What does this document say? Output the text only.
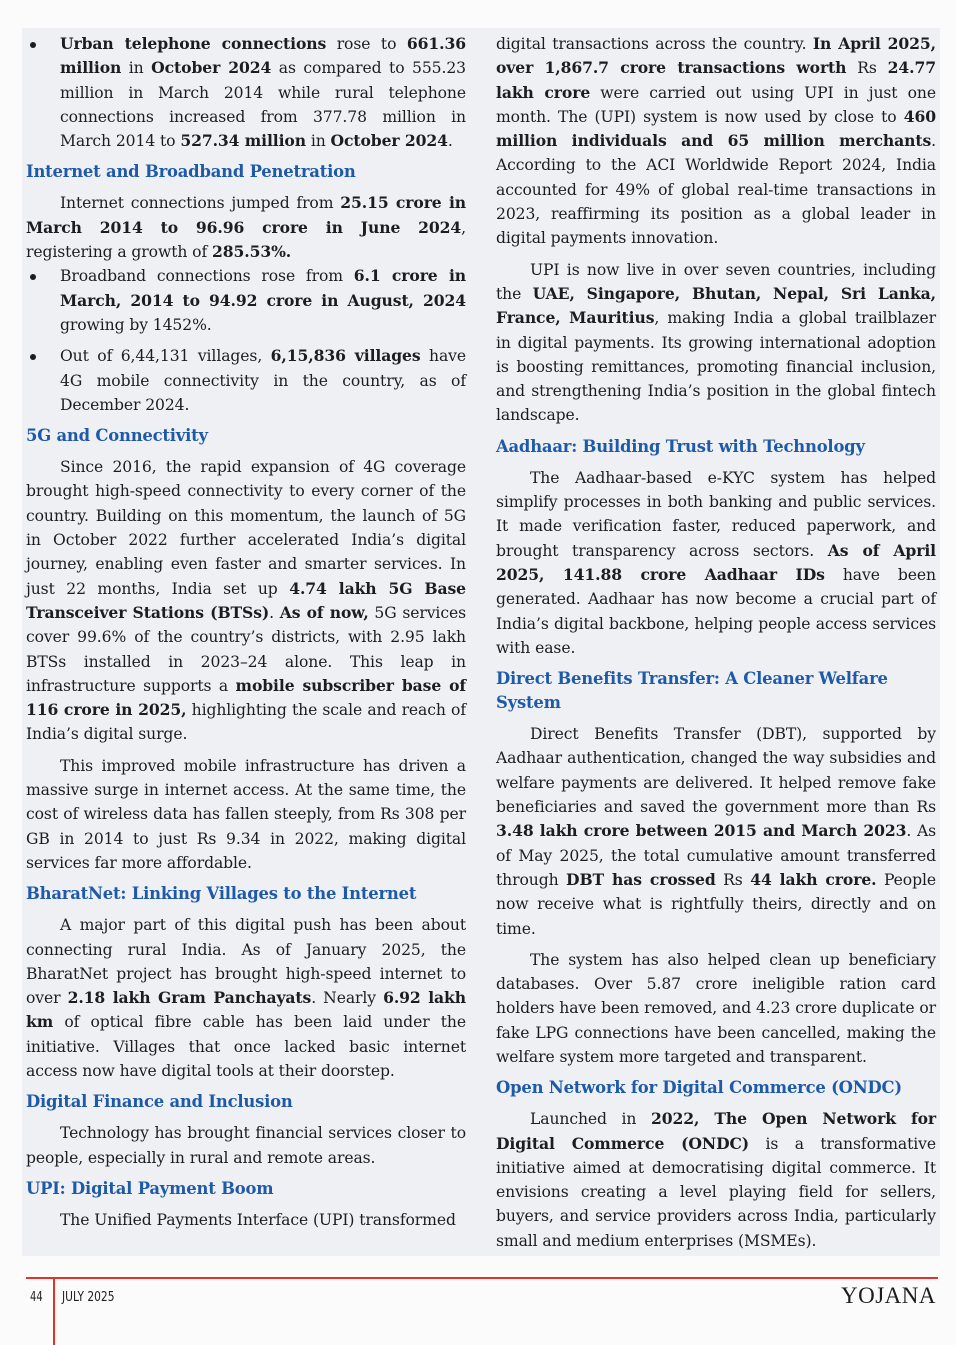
Urban telephone connections rose to 661.36 million in October 2024 as compared to 555.23 million in March 2014 while rural telephone connections increased from 377.78 million in March 2014 to 527.34 million in October 2024.
Internet and Broadband Penetration

Internet connections jumped from 25.15 crore in March 2014 to 96.96 crore in June 2024, registering a growth of 285.53%.

Broadband connections rose from 6.1 crore in March, 2014 to 94.92 crore in August, 2024 growing by 1452%.
Out of 6,44,131 villages, 6,15,836 villages have 4G mobile connectivity in the country, as of December 2024.
5G and Connectivity

Since 2016, the rapid expansion of 4G coverage brought high-speed connectivity to every corner of the country. Building on this momentum, the launch of 5G in October 2022 further accelerated India’s digital journey, enabling even faster and smarter services. In just 22 months, India set up 4.74 lakh 5G Base Transceiver Stations (BTSs). As of now, 5G services cover 99.6% of the country’s districts, with 2.95 lakh BTSs installed in 2023–24 alone. This leap in infrastructure supports a mobile subscriber base of 116 crore in 2025, highlighting the scale and reach of India’s digital surge.

This improved mobile infrastructure has driven a massive surge in internet access. At the same time, the cost of wireless data has fallen steeply, from Rs 308 per GB in 2014 to just Rs 9.34 in 2022, making digital services far more affordable.

BharatNet: Linking Villages to the Internet

A major part of this digital push has been about connecting rural India. As of January 2025, the BharatNet project has brought high-speed internet to over 2.18 lakh Gram Panchayats. Nearly 6.92 lakh km of optical fibre cable has been laid under the initiative. Villages that once lacked basic internet access now have digital tools at their doorstep.

Digital Finance and Inclusion

Technology has brought financial services closer to people, especially in rural and remote areas.

UPI: Digital Payment Boom

The Unified Payments Interface (UPI) transformed

digital transactions across the country. In April 2025, over 1,867.7 crore transactions worth Rs 24.77 lakh crore were carried out using UPI in just one month. The (UPI) system is now used by close to 460 million individuals and 65 million merchants. According to the ACI Worldwide Report 2024, India accounted for 49% of global real-time transactions in 2023, reaffirming its position as a global leader in digital payments innovation.

UPI is now live in over seven countries, including the UAE, Singapore, Bhutan, Nepal, Sri Lanka, France, Mauritius, making India a global trailblazer in digital payments. Its growing international adoption is boosting remittances, promoting financial inclusion, and strengthening India’s position in the global fintech landscape.

Aadhaar: Building Trust with Technology

The Aadhaar-based e-KYC system has helped simplify processes in both banking and public services. It made verification faster, reduced paperwork, and brought transparency across sectors. As of April 2025, 141.88 crore Aadhaar IDs have been generated. Aadhaar has now become a crucial part of India’s digital backbone, helping people access services with ease.

Direct Benefits Transfer: A Cleaner Welfare System

Direct Benefits Transfer (DBT), supported by Aadhaar authentication, changed the way subsidies and welfare payments are delivered. It helped remove fake beneficiaries and saved the government more than Rs 3.48 lakh crore between 2015 and March 2023. As of May 2025, the total cumulative amount transferred through DBT has crossed Rs 44 lakh crore. People now receive what is rightfully theirs, directly and on time.

The system has also helped clean up beneficiary databases. Over 5.87 crore ineligible ration card holders have been removed, and 4.23 crore duplicate or fake LPG connections have been cancelled, making the welfare system more targeted and transparent.

Open Network for Digital Commerce (ONDC)

Launched in 2022, The Open Network for Digital Commerce (ONDC) is a transformative initiative aimed at democratising digital commerce. It envisions creating a level playing field for sellers, buyers, and service providers across India, particularly small and medium enterprises (MSMEs).

44 JULY 2025	YOJANA
